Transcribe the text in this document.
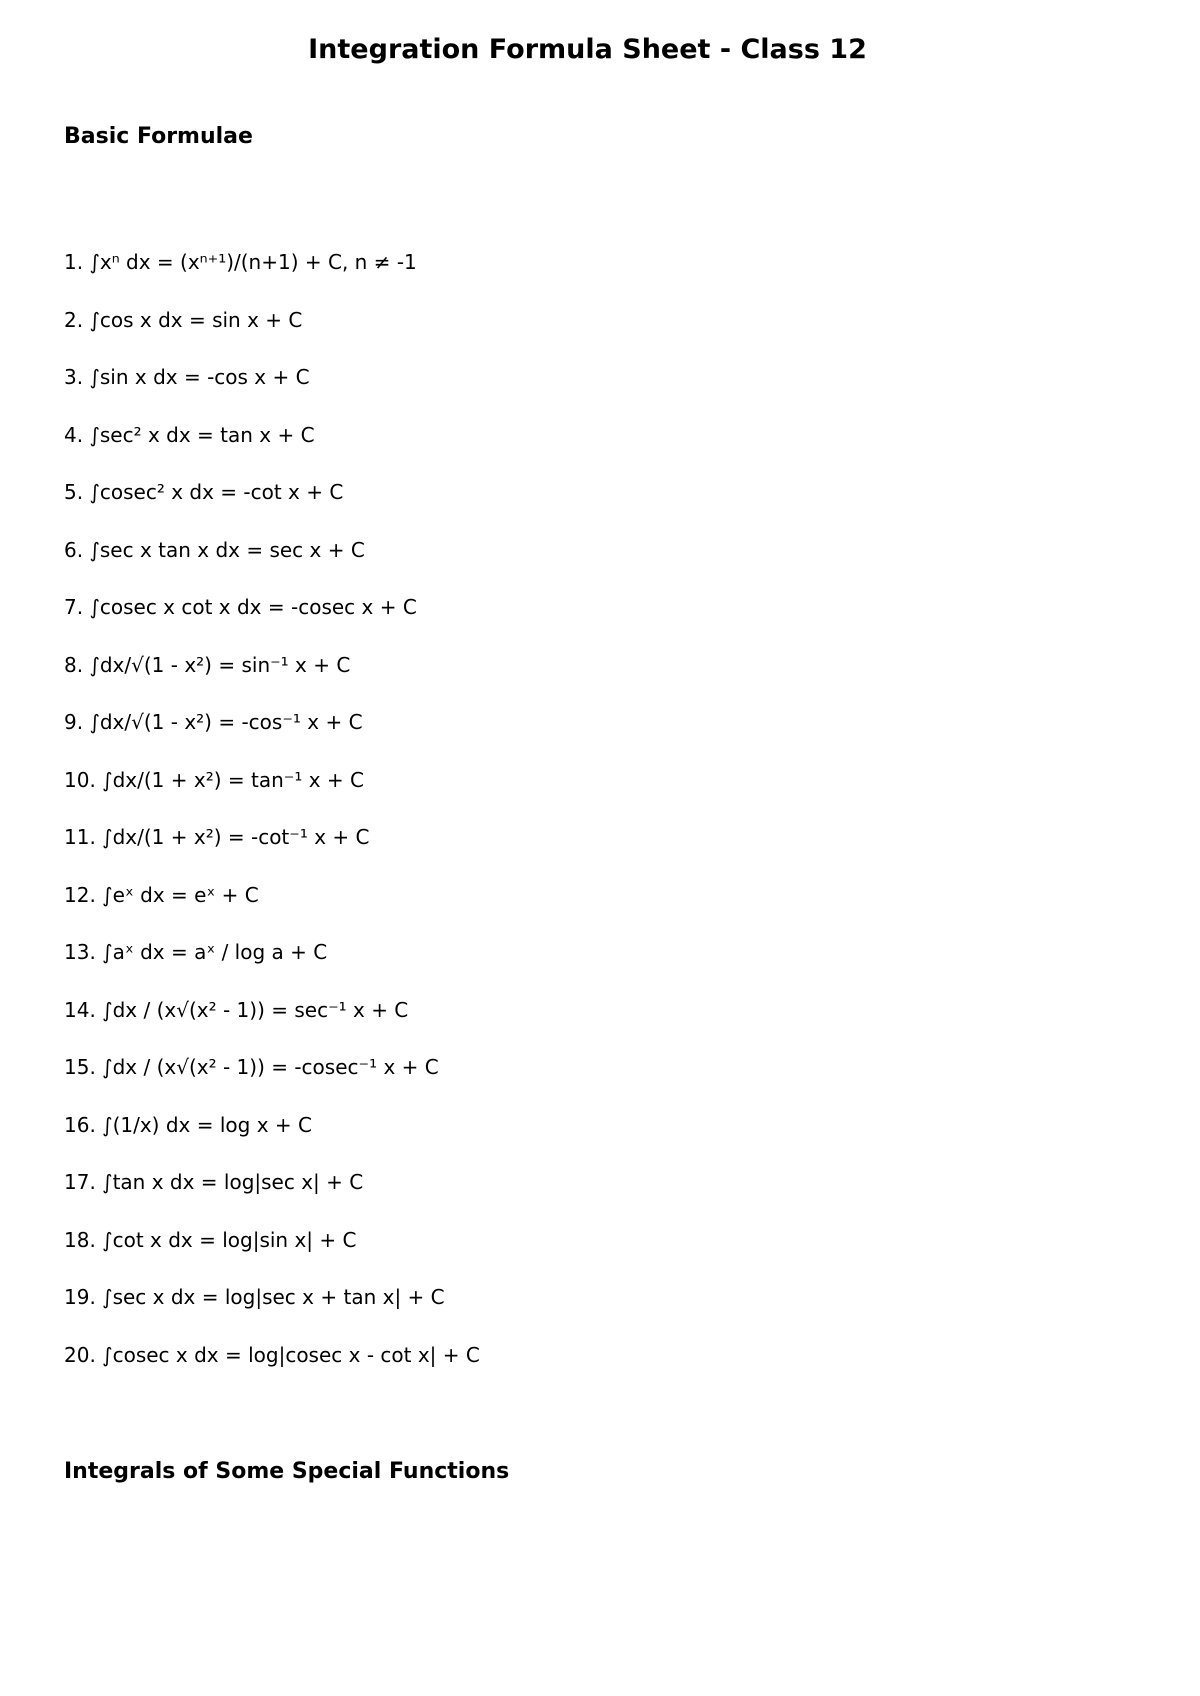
Integration Formula Sheet - Class 12
Basic Formulae
1. ∫xⁿ dx = (xⁿ⁺¹)/(n+1) + C, n ≠ -1
2. ∫cos x dx = sin x + C
3. ∫sin x dx = -cos x + C
4. ∫sec² x dx = tan x + C
5. ∫cosec² x dx = -cot x + C
6. ∫sec x tan x dx = sec x + C
7. ∫cosec x cot x dx = -cosec x + C
8. ∫dx/√(1 - x²) = sin⁻¹ x + C
9. ∫dx/√(1 - x²) = -cos⁻¹ x + C
10. ∫dx/(1 + x²) = tan⁻¹ x + C
11. ∫dx/(1 + x²) = -cot⁻¹ x + C
12. ∫eˣ dx = eˣ + C
13. ∫aˣ dx = aˣ / log a + C
14. ∫dx / (x√(x² - 1)) = sec⁻¹ x + C
15. ∫dx / (x√(x² - 1)) = -cosec⁻¹ x + C
16. ∫(1/x) dx = log x + C
17. ∫tan x dx = log|sec x| + C
18. ∫cot x dx = log|sin x| + C
19. ∫sec x dx = log|sec x + tan x| + C
20. ∫cosec x dx = log|cosec x - cot x| + C
Integrals of Some Special Functions
